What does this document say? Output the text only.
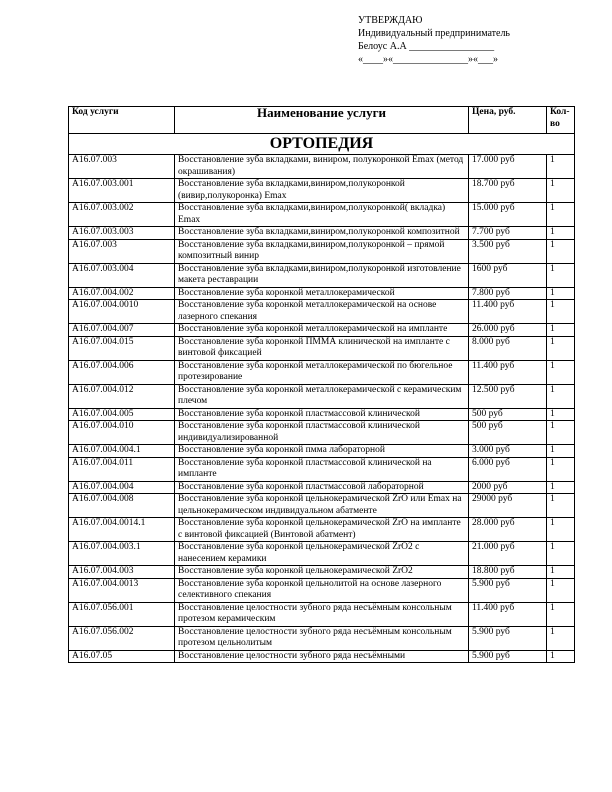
УТВЕРЖДАЮ
Индивидуальный предприниматель
Белоус А.А _________________
«____»«_______________»«___»
Код услуги	Наименование услуги	Цена, руб.	Кол-во
ОРТОПЕДИЯ			
A16.07.003	Восстановление зуба вкладками, виниром, полукоронкой Emax (метод окрашивания)	17.000 руб	1
A16.07.003.001	Восстановление зуба вкладками,виниром,полукоронкой (вивир,полукоронка) Emax	18.700 руб	1
A16.07.003.002	Восстановление зуба вкладками,виниром,полукоронкой( вкладка) Emax	15.000 руб	1
A16.07.003.003	Восстановление зуба вкладками,виниром,полукоронкой композитной	7.700 руб	1
A16.07.003	Восстановление зуба вкладками,виниром,полукоронкой – прямой композитный винир	3.500 руб	1
A16.07.003.004	Восстановление зуба вкладками,виниром,полукоронкой изготовление макета реставрации	1600 руб	1
A16.07.004.002	Восстановление зуба коронкой металлокерамической	7.800 руб	1
A16.07.004.0010	Восстановление зуба коронкой металлокерамической на основе лазерного спекания	11.400 руб	1
A16.07.004.007	Восстановление зуба коронкой металлокерамической на импланте	26.000 руб	1
A16.07.004.015	Восстановление зуба коронкой ПММА клинической на импланте с винтовой фиксацией	8.000 руб	1
A16.07.004.006	Восстановление зуба коронкой металлокерамической по бюгельное протезирование	11.400 руб	1
A16.07.004.012	Восстановление зуба коронкой металлокерамической с керамическим плечом	12.500 руб	1
A16.07.004.005	Восстановление зуба коронкой пластмассовой клинической	500 руб	1
A16.07.004.010	Восстановление зуба коронкой пластмассовой клинической индивидуализированной	500 руб	1
A16.07.004.004.1	Восстановление зуба коронкой пмма лабораторной	3.000 руб	1
A16.07.004.011	Восстановление зуба коронкой пластмассовой клинической на импланте	6.000 руб	1
A16.07.004.004	Восстановление зуба коронкой пластмассовой лабораторной	2000 руб	1
A16.07.004.008	Восстановление зуба коронкой цельнокерамической ZrO или Emax на цельнокерамическом индивидуальном абатменте	29000 руб	1
A16.07.004.0014.1	Восстановление зуба коронкой цельнокерамической ZrO на импланте с винтовой фиксацией (Винтовой абатмент)	28.000 руб	1
A16.07.004.003.1	Восстановление зуба коронкой цельнокерамической ZrO2 с нанесением керамики	21.000 руб	1
A16.07.004.003	Восстановление зуба коронкой цельнокерамической ZrO2	18.800 руб	1
A16.07.004.0013	Восстановление зуба коронкой цельнолитой на основе лазерного селективного спекания	5.900 руб	1
A16.07.056.001	Восстановление целостности зубного ряда несъёмным консольным протезом керамическим	11.400 руб	1
A16.07.056.002	Восстановление целостности зубного ряда несъёмным консольным протезом цельнолитым	5.900 руб	1
A16.07.05	Восстановление целостности зубного ряда несъёмными	5.900 руб	1
